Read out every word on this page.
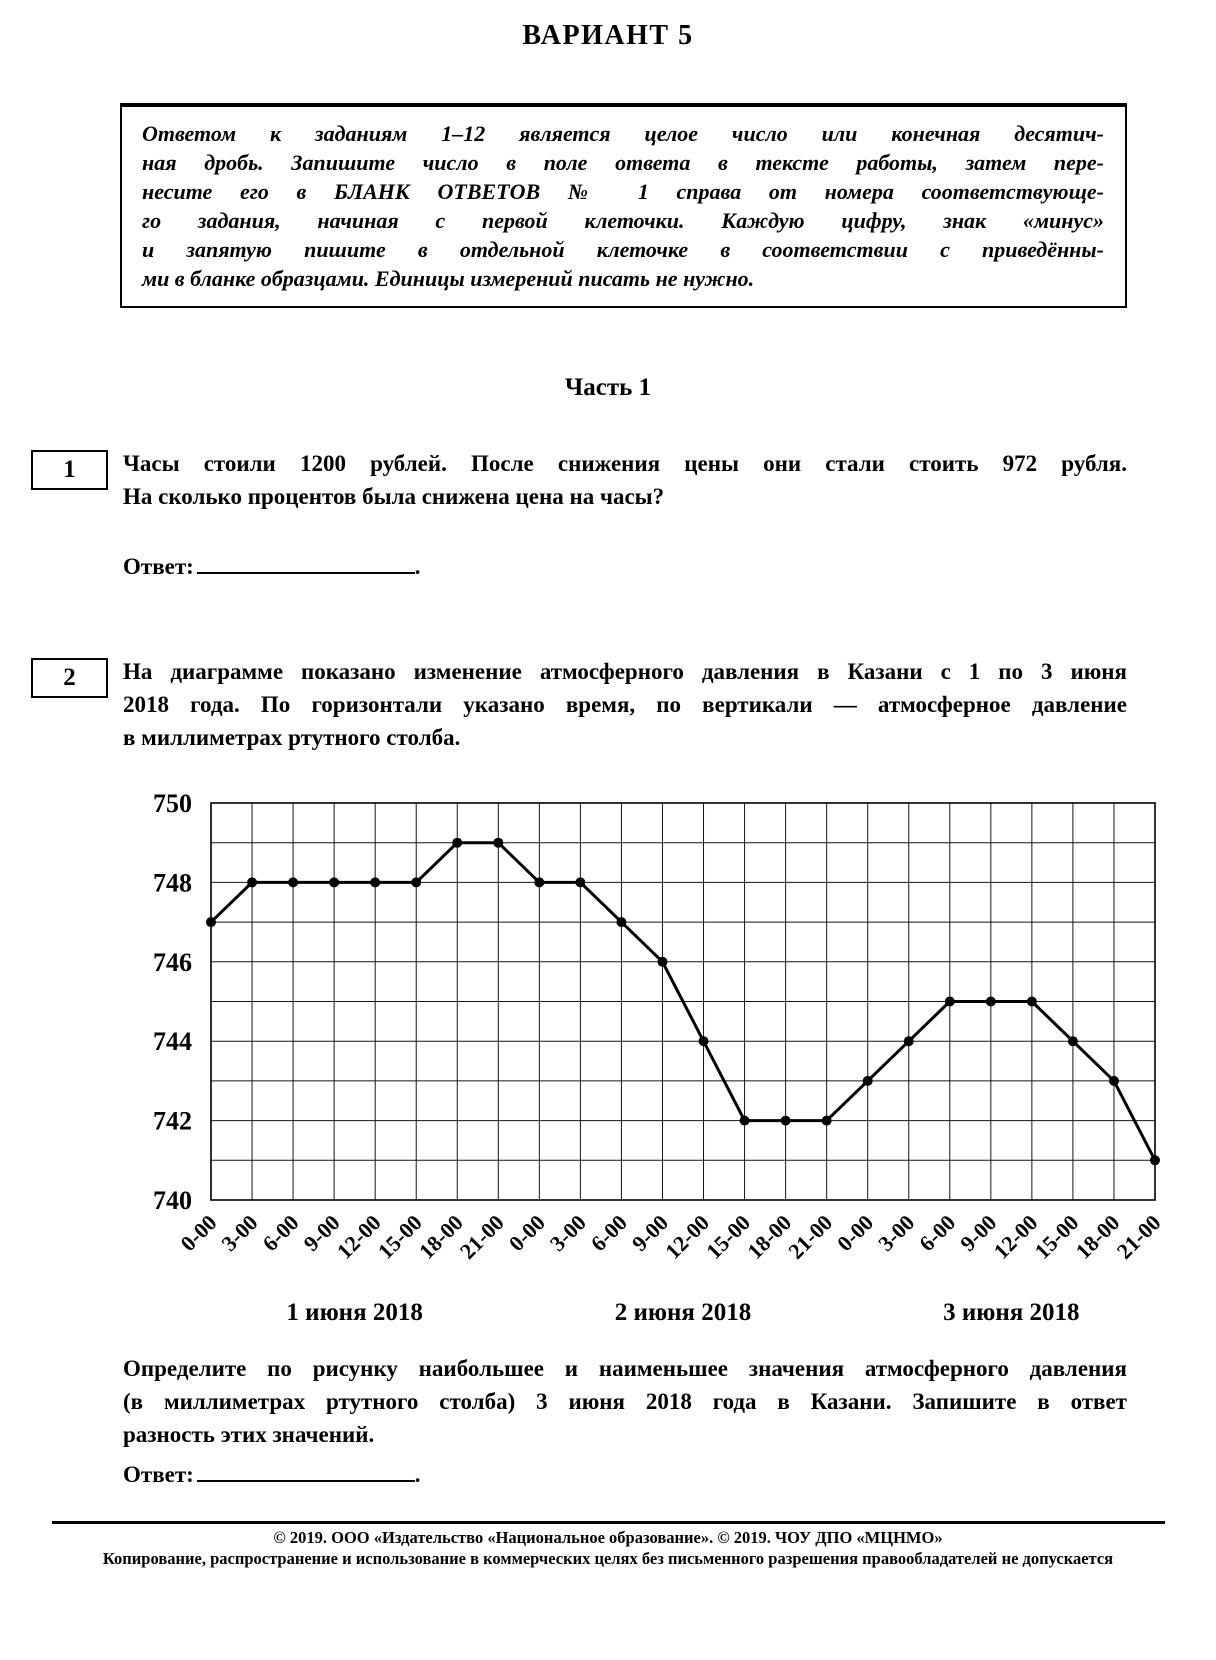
ВАРИАНТ 5
Ответом к заданиям 1–12 является целое число или конечная десятич-
ная дробь. Запишите число в поле ответа в тексте работы, затем пере-
несите его в БЛАНК ОТВЕТОВ № 1 справа от номера соответствующе-
го задания, начиная с первой клеточки. Каждую цифру, знак «минус»
и запятую пишите в отдельной клеточке в соответствии с приведённы-
ми в бланке образцами. Единицы измерений писать не нужно.
Часть 1
1	Часы стоили 1200 рублей. После снижения цены они стали стоить 972 рубля.
На сколько процентов была снижена цена на часы?
Ответ:	.
2	На диаграмме показано изменение атмосферного давления в Казани с 1 по 3 июня
2018 года. По горизонтали указано время, по вертикали — атмосферное давление
в миллиметрах ртутного столба.
750
748
746
744
742
740
0-00
3-00
6-00
9-00
12-00
15-00
18-00
21-00
0-00
3-00
6-00
9-00
12-00
15-00
18-00
21-00
0-00
3-00
6-00
9-00
12-00
15-00
18-00
21-00
1 июня 2018	2 июня 2018	3 июня 2018
Определите по рисунку наибольшее и наименьшее значения атмосферного давления
(в миллиметрах ртутного столба) 3 июня 2018 года в Казани. Запишите в ответ
разность этих значений.
Ответ:	.
© 2019. ООО «Издательство «Национальное образование». © 2019. ЧОУ ДПО «МЦНМО»
Копирование, распространение и использование в коммерческих целях без письменного разрешения правообладателей не допускается
